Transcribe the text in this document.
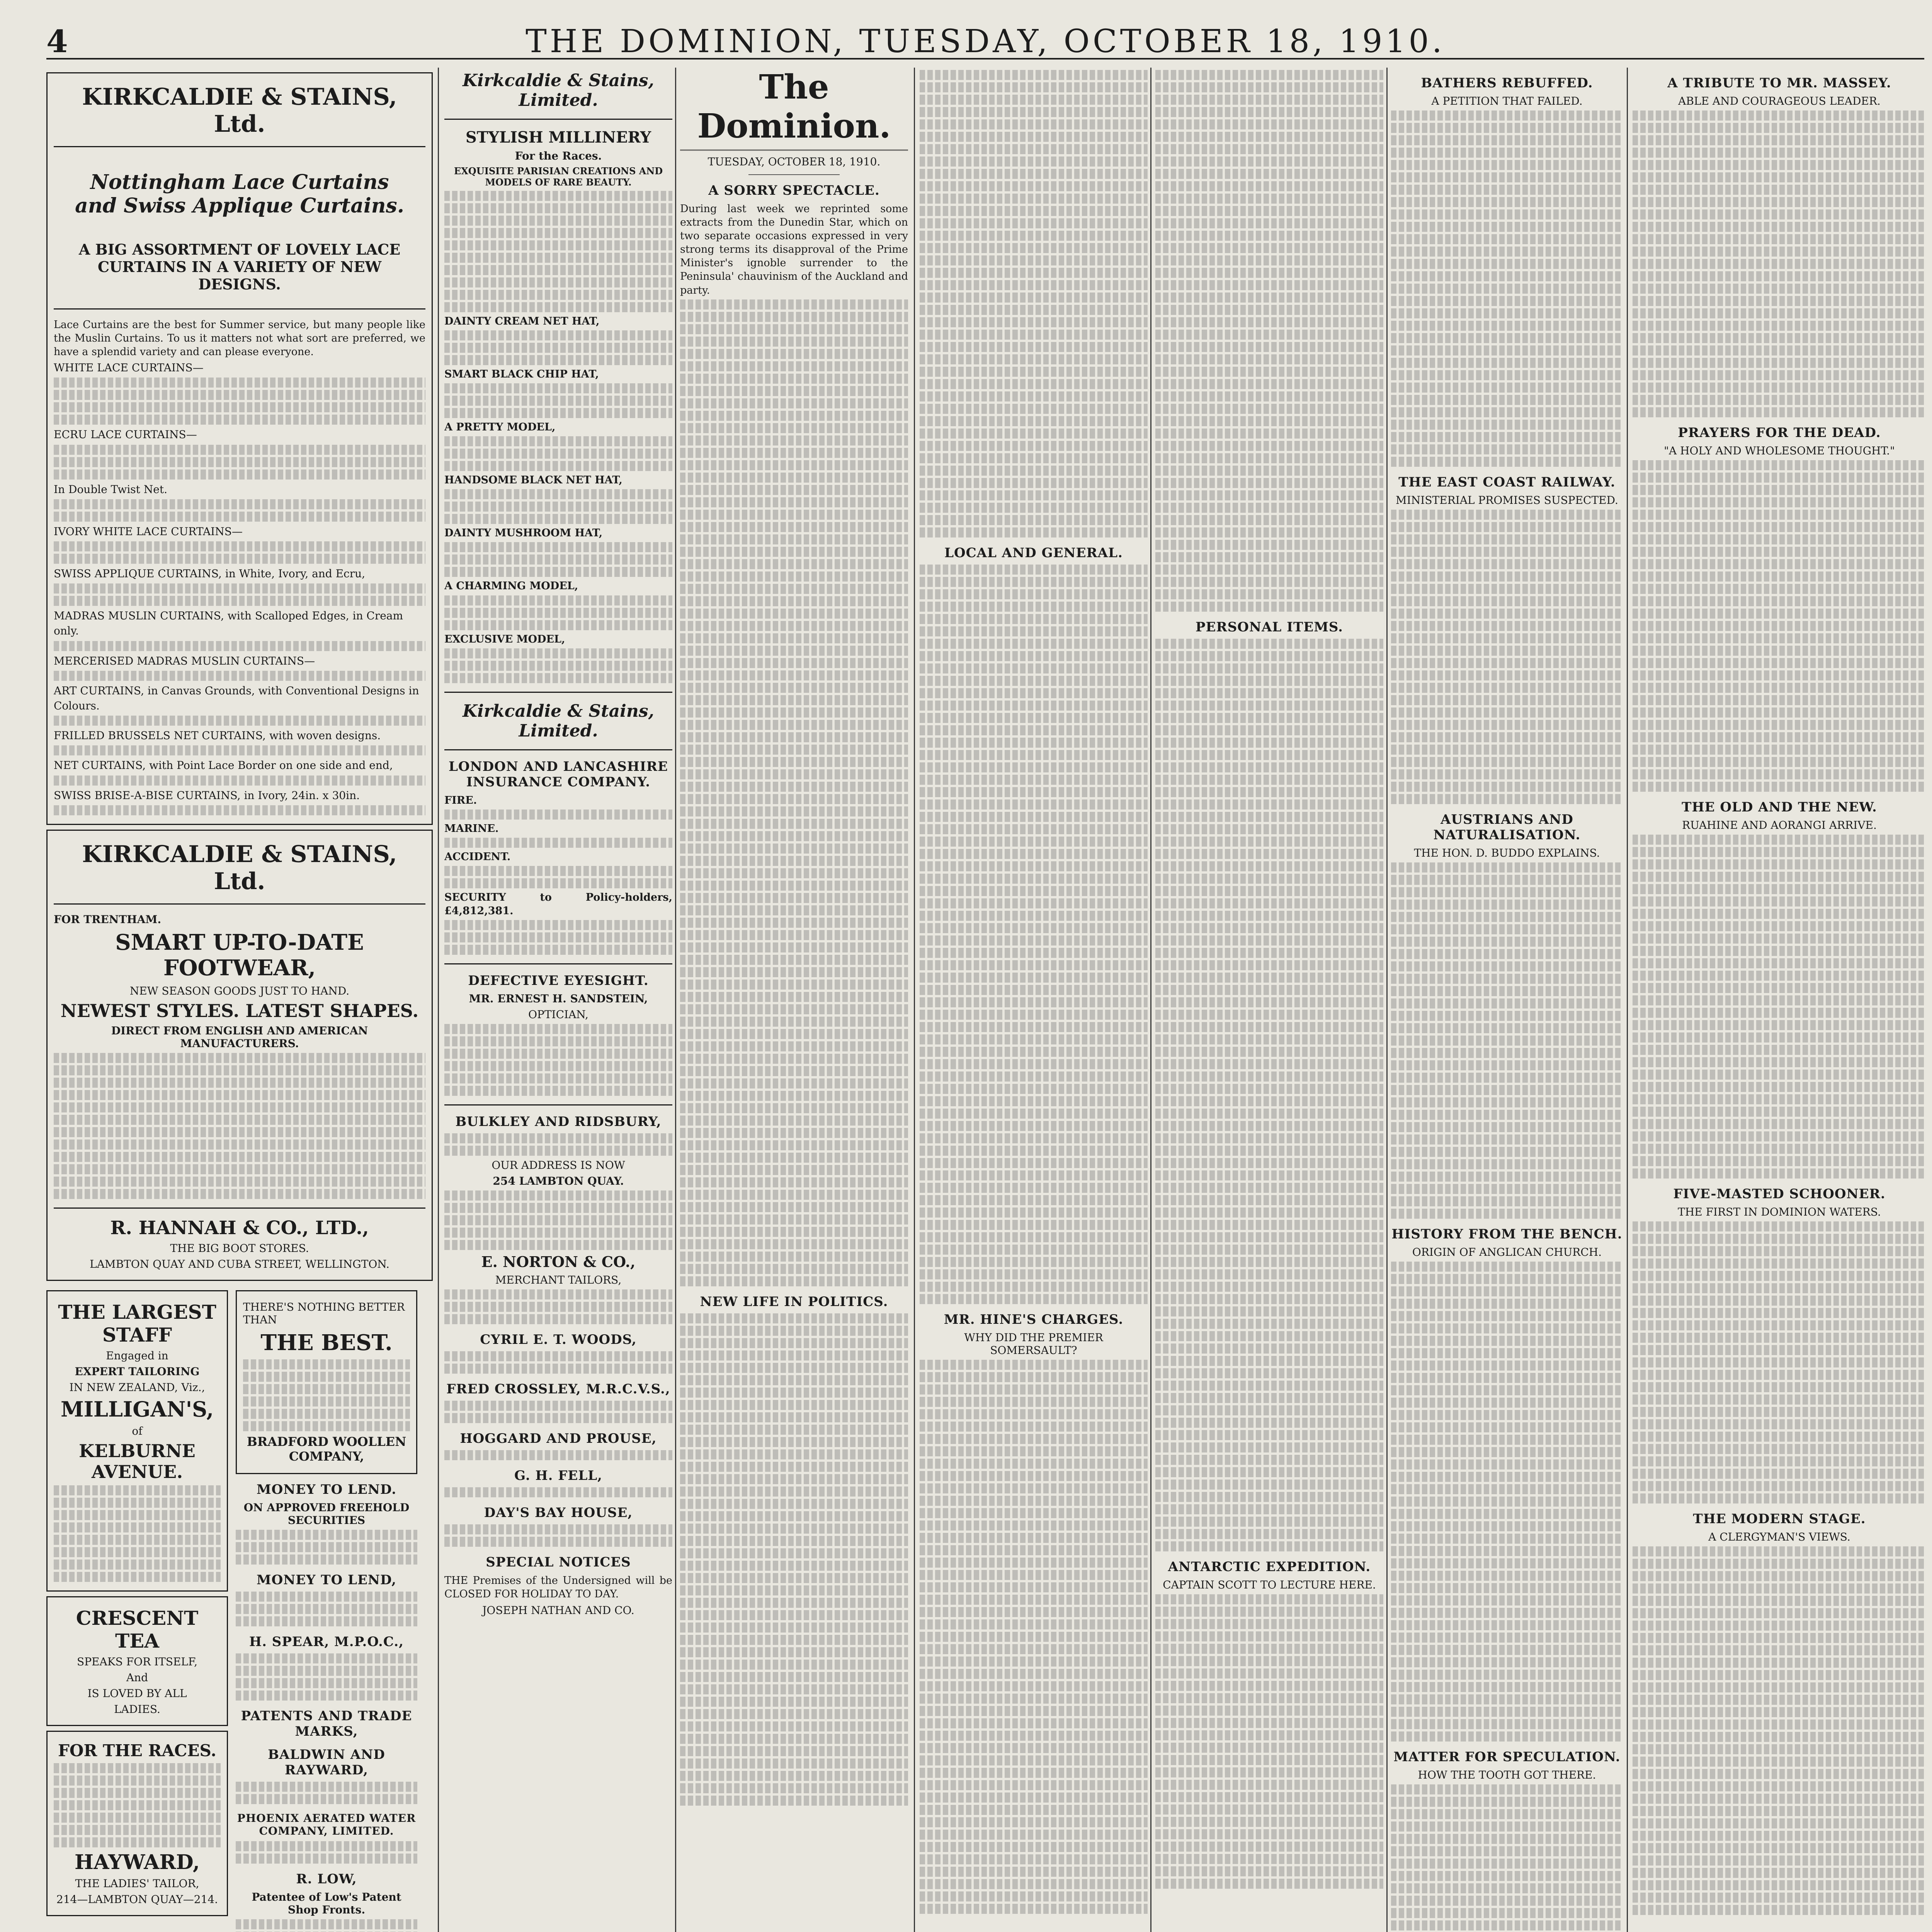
4	THE DOMINION, TUESDAY, OCTOBER 18, 1910.
KIRKCALDIE & STAINS, Ltd.
Nottingham Lace Curtains and Swiss Applique Curtains.
A BIG ASSORTMENT OF LOVELY LACE CURTAINS IN A VARIETY OF NEW DESIGNS.

Lace Curtains are the best for Summer service, but many people like the Muslin Curtains. To us it matters not what sort are preferred, we have a splendid variety and can please everyone.

WHITE LACE CURTAINS—
ECRU LACE CURTAINS—
In Double Twist Net.
IVORY WHITE LACE CURTAINS—
SWISS APPLIQUE CURTAINS, in White, Ivory, and Ecru,
MADRAS MUSLIN CURTAINS, with Scalloped Edges, in Cream only.
MERCERISED MADRAS MUSLIN CURTAINS—
ART CURTAINS, in Canvas Grounds, with Conventional Designs in Colours.
FRILLED BRUSSELS NET CURTAINS, with woven designs.
NET CURTAINS, with Point Lace Border on one side and end,
SWISS BRISE-A-BISE CURTAINS, in Ivory, 24in. x 30in.
KIRKCALDIE & STAINS, Ltd.
FOR TRENTHAM.
SMART UP-TO-DATE FOOTWEAR,
NEW SEASON GOODS JUST TO HAND.
NEWEST STYLES. LATEST SHAPES.
DIRECT FROM ENGLISH AND AMERICAN MANUFACTURERS.
R. HANNAH & CO., LTD.,
THE BIG BOOT STORES.
LAMBTON QUAY AND CUBA STREET, WELLINGTON.
THE LARGEST STAFF
Engaged in
EXPERT TAILORING
IN NEW ZEALAND, Viz.,
MILLIGAN'S,
of
KELBURNE AVENUE.
CRESCENT TEA
SPEAKS FOR ITSELF,
And
IS LOVED BY ALL
LADIES.
FOR THE RACES.
HAYWARD,
THE LADIES' TAILOR,
214—LAMBTON QUAY—214.
THERE'S NOTHING BETTER THAN
THE BEST.
BRADFORD WOOLLEN COMPANY,
MONEY TO LEND.
ON APPROVED FREEHOLD SECURITIES
MONEY TO LEND,
H. SPEAR, M.P.O.C.,
PATENTS AND TRADE MARKS,
BALDWIN AND RAYWARD,
PHOENIX AERATED WATER COMPANY, LIMITED.
R. LOW,
Patentee of Low's Patent Shop Fronts.
Kirkcaldie & Stains, Limited.
STYLISH MILLINERY
For the Races.
EXQUISITE PARISIAN CREATIONS AND MODELS OF RARE BEAUTY.
DAINTY CREAM NET HAT,
SMART BLACK CHIP HAT,
A PRETTY MODEL,
HANDSOME BLACK NET HAT,
DAINTY MUSHROOM HAT,
A CHARMING MODEL,
EXCLUSIVE MODEL,
Kirkcaldie & Stains, Limited.
LONDON AND LANCASHIRE INSURANCE COMPANY.
FIRE.
MARINE.
ACCIDENT.
SECURITY to Policy-holders, £4,812,381.
DEFECTIVE EYESIGHT.
MR. ERNEST H. SANDSTEIN,
OPTICIAN,
BULKLEY AND RIDSBURY,
OUR ADDRESS IS NOW
254 LAMBTON QUAY.
E. NORTON & CO.,
MERCHANT TAILORS,
CYRIL E. T. WOODS,
FRED CROSSLEY, M.R.C.V.S.,
HOGGARD AND PROUSE,
G. H. FELL,
DAY'S BAY HOUSE,
SPECIAL NOTICES

THE Premises of the Undersigned will be CLOSED FOR HOLIDAY TO DAY.

JOSEPH NATHAN AND CO.
The Dominion.
TUESDAY, OCTOBER 18, 1910.
A SORRY SPECTACLE.

During last week we reprinted some extracts from the Dunedin Star, which on two separate occasions expressed in very strong terms its disapproval of the Prime Minister's ignoble surrender to the Peninsula' chauvinism of the Auckland and party.

NEW LIFE IN POLITICS.
LOCAL AND GENERAL.
MR. HINE'S CHARGES.
WHY DID THE PREMIER SOMERSAULT?
PERSONAL ITEMS.
ANTARCTIC EXPEDITION.
CAPTAIN SCOTT TO LECTURE HERE.
BATHERS REBUFFED.
A PETITION THAT FAILED.
THE EAST COAST RAILWAY.
MINISTERIAL PROMISES SUSPECTED.
AUSTRIANS AND NATURALISATION.
THE HON. D. BUDDO EXPLAINS.
HISTORY FROM THE BENCH.
ORIGIN OF ANGLICAN CHURCH.
MATTER FOR SPECULATION.
HOW THE TOOTH GOT THERE.
A TRIBUTE TO MR. MASSEY.
ABLE AND COURAGEOUS LEADER.
PRAYERS FOR THE DEAD.
"A HOLY AND WHOLESOME THOUGHT."
THE OLD AND THE NEW.
RUAHINE AND AORANGI ARRIVE.
FIVE-MASTED SCHOONER.
THE FIRST IN DOMINION WATERS.
THE MODERN STAGE.
A CLERGYMAN'S VIEWS.
